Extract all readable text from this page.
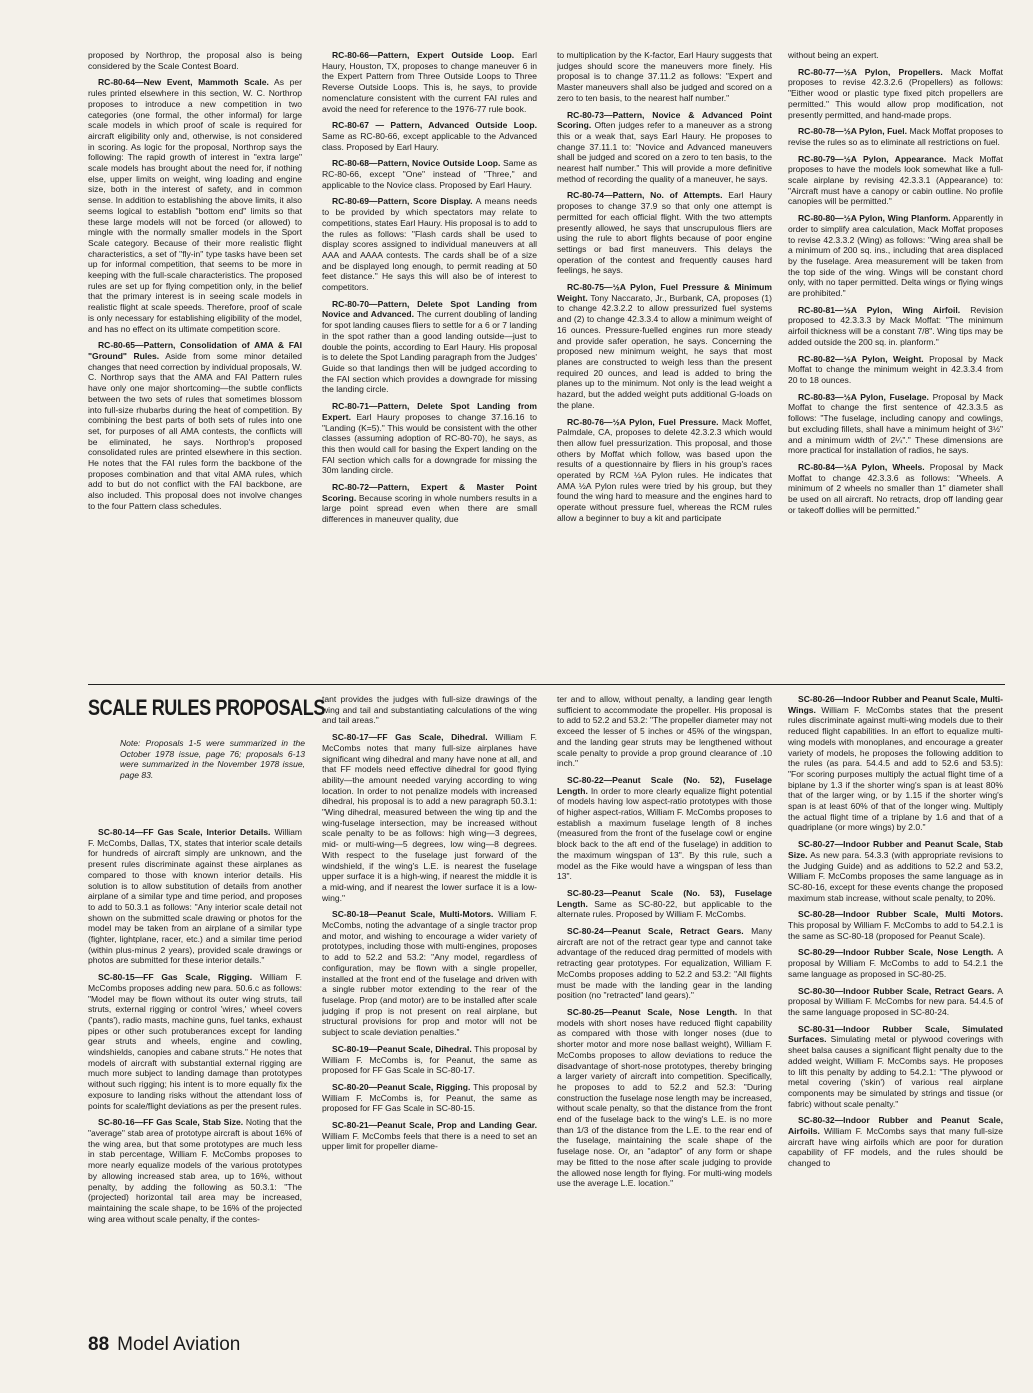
proposed by Northrop, the proposal also is being considered by the Scale Contest Board.

RC-80-64—New Event, Mammoth Scale. As per rules printed elsewhere in this section, W. C. Northrop proposes to introduce a new competition in two categories (one formal, the other informal) for large scale models in which proof of scale is required for aircraft eligibility only and, otherwise, is not considered in scoring. As logic for the proposal, Northrop says the following: The rapid growth of interest in "extra large" scale models has brought about the need for, if nothing else, upper limits on weight, wing loading and engine size, both in the interest of safety, and in common sense. In addition to establishing the above limits, it also seems logical to establish "bottom end" limits so that these large models will not be forced (or allowed) to mingle with the normally smaller models in the Sport Scale category. Because of their more realistic flight characteristics, a set of "fly-in" type tasks have been set up for informal competition, that seems to be more in keeping with the full-scale characteristics. The proposed rules are set up for flying competition only, in the belief that the primary interest is in seeing scale models in realistic flight at scale speeds. Therefore, proof of scale is only necessary for establishing eligibility of the model, and has no effect on its ultimate competition score.

RC-80-65—Pattern, Consolidation of AMA & FAI "Ground" Rules. Aside from some minor detailed changes that need correction by individual proposals, W. C. Northrop says that the AMA and FAI Pattern rules have only one major shortcoming—the subtle conflicts between the two sets of rules that sometimes blossom into full-size rhubarbs during the heat of competition. By combining the best parts of both sets of rules into one set, for purposes of all AMA contests, the conflicts will be eliminated, he says. Northrop's proposed consolidated rules are printed elsewhere in this section. He notes that the FAI rules form the backbone of the proposes combination and that vital AMA rules, which add to but do not conflict with the FAI backbone, are also included. This proposal does not involve changes to the four Pattern class schedules.

RC-80-66—Pattern, Expert Outside Loop. Earl Haury, Houston, TX, proposes to change maneuver 6 in the Expert Pattern from Three Outside Loops to Three Reverse Outside Loops. This is, he says, to provide nomenclature consistent with the current FAI rules and avoid the need for reference to the 1976-77 rule book.

RC-80-67 — Pattern, Advanced Outside Loop. Same as RC-80-66, except applicable to the Advanced class. Proposed by Earl Haury.

RC-80-68—Pattern, Novice Outside Loop. Same as RC-80-66, except "One" instead of "Three," and applicable to the Novice class. Proposed by Earl Haury.

RC-80-69—Pattern, Score Display. A means needs to be provided by which spectators may relate to competitions, states Earl Haury. His proposal is to add to the rules as follows: "Flash cards shall be used to display scores assigned to individual maneuvers at all AAA and AAAA contests. The cards shall be of a size and be displayed long enough, to permit reading at 50 feet distance." He says this will also be of interest to competitors.

RC-80-70—Pattern, Delete Spot Landing from Novice and Advanced. The current doubling of landing for spot landing causes fliers to settle for a 6 or 7 landing in the spot rather than a good landing outside—just to double the points, according to Earl Haury. His proposal is to delete the Spot Landing paragraph from the Judges' Guide so that landings then will be judged according to the FAI section which provides a downgrade for missing the landing circle.

RC-80-71—Pattern, Delete Spot Landing from Expert. Earl Haury proposes to change 37.16.16 to "Landing (K=5)." This would be consistent with the other classes (assuming adoption of RC-80-70), he says, as this then would call for basing the Expert landing on the FAI section which calls for a downgrade for missing the 30m landing circle.

RC-80-72—Pattern, Expert & Master Point Scoring. Because scoring in whole numbers results in a large point spread even when there are small differences in maneuver quality, due

to multiplication by the K-factor, Earl Haury suggests that judges should score the maneuvers more finely. His proposal is to change 37.11.2 as follows: "Expert and Master maneuvers shall also be judged and scored on a zero to ten basis, to the nearest half number."

RC-80-73—Pattern, Novice & Advanced Point Scoring. Often judges refer to a maneuver as a strong this or a weak that, says Earl Haury. He proposes to change 37.11.1 to: "Novice and Advanced maneuvers shall be judged and scored on a zero to ten basis, to the nearest half number." This will provide a more definitive method of recording the quality of a maneuver, he says.

RC-80-74—Pattern, No. of Attempts. Earl Haury proposes to change 37.9 so that only one attempt is permitted for each official flight. With the two attempts presently allowed, he says that unscrupulous fliers are using the rule to abort flights because of poor engine settings or bad first maneuvers. This delays the operation of the contest and frequently causes hard feelings, he says.

RC-80-75—½A Pylon, Fuel Pressure & Minimum Weight. Tony Naccarato, Jr., Burbank, CA, proposes (1) to change 42.3.2.2 to allow pressurized fuel systems and (2) to change 42.3.3.4 to allow a minimum weight of 16 ounces. Pressure-fuelled engines run more steady and provide safer operation, he says. Concerning the proposed new minimum weight, he says that most planes are constructed to weigh less than the present required 20 ounces, and lead is added to bring the planes up to the minimum. Not only is the lead weight a hazard, but the added weight puts additional G-loads on the plane.

RC-80-76—½A Pylon, Fuel Pressure. Mack Moffet, Palmdale, CA, proposes to delete 42.3.2.3 which would then allow fuel pressurization. This proposal, and those others by Moffat which follow, was based upon the results of a questionnaire by fliers in his group's races operated by RCM ½A Pylon rules. He indicates that AMA ½A Pylon rules were tried by his group, but they found the wing hard to measure and the engines hard to operate without pressure fuel, whereas the RCM rules allow a beginner to buy a kit and participate

without being an expert.

RC-80-77—½A Pylon, Propellers. Mack Moffat proposes to revise 42.3.2.6 (Propellers) as follows: "Either wood or plastic type fixed pitch propellers are permitted." This would allow prop modification, not presently permitted, and hand-made props.

RC-80-78—½A Pylon, Fuel. Mack Moffat proposes to revise the rules so as to eliminate all restrictions on fuel.

RC-80-79—½A Pylon, Appearance. Mack Moffat proposes to have the models look somewhat like a full-scale airplane by revising 42.3.3.1 (Appearance) to: "Aircraft must have a canopy or cabin outline. No profile canopies will be permitted."

RC-80-80—½A Pylon, Wing Planform. Apparently in order to simplify area calculation, Mack Moffat proposes to revise 42.3.3.2 (Wing) as follows: "Wing area shall be a minimum of 200 sq. ins., including that area displaced by the fuselage. Area measurement will be taken from the top side of the wing. Wings will be constant chord only, with no taper permitted. Delta wings or flying wings are prohibited."

RC-80-81—½A Pylon, Wing Airfoil. Revision proposed to 42.3.3.3 by Mack Moffat: "The minimum airfoil thickness will be a constant 7/8". Wing tips may be added outside the 200 sq. in. planform."

RC-80-82—½A Pylon, Weight. Proposal by Mack Moffat to change the minimum weight in 42.3.3.4 from 20 to 18 ounces.

RC-80-83—½A Pylon, Fuselage. Proposal by Mack Moffat to change the first sentence of 42.3.3.5 as follows: "The fuselage, including canopy and cowlings, but excluding fillets, shall have a minimum height of 3½" and a minimum width of 2¼"." These dimensions are more practical for installation of radios, he says.

RC-80-84—½A Pylon, Wheels. Proposal by Mack Moffat to change 42.3.3.6 as follows: "Wheels. A minimum of 2 wheels no smaller than 1" diameter shall be used on all aircraft. No retracts, drop off landing gear or takeoff dollies will be permitted."

SCALE RULES PROPOSALS
Note: Proposals 1-5 were summarized in the October 1978 issue, page 76; proposals 6-13 were summarized in the November 1978 issue, page 83.

SC-80-14—FF Gas Scale, Interior Details. William F. McCombs, Dallas, TX, states that interior scale details for hundreds of aircraft simply are unknown, and the present rules discriminate against these airplanes as compared to those with known interior details. His solution is to allow substitution of details from another airplane of a similar type and time period, and proposes to add to 50.3.1 as follows: "Any interior scale detail not shown on the submitted scale drawing or photos for the model may be taken from an airplane of a similar type (fighter, lightplane, racer, etc.) and a similar time period (within plus-minus 2 years), provided scale drawings or photos are submitted for these interior details."

SC-80-15—FF Gas Scale, Rigging. William F. McCombs proposes adding new para. 50.6.c as follows: "Model may be flown without its outer wing struts, tail struts, external rigging or control 'wires,' wheel covers ('pants'), radio masts, machine guns, fuel tanks, exhaust pipes or other such protuberances except for landing gear struts and wheels, engine and cowling, windshields, canopies and cabane struts." He notes that models of aircraft with substantial external rigging are much more subject to landing damage than prototypes without such rigging; his intent is to more equally fix the exposure to landing risks without the attendant loss of points for scale/flight deviations as per the present rules.

SC-80-16—FF Gas Scale, Stab Size. Noting that the "average" stab area of prototype aircraft is about 16% of the wing area, but that some prototypes are much less in stab percentage, William F. McCombs proposes to more nearly equalize models of the various prototypes by allowing increased stab area, up to 16%, without penalty, by adding the following as 50.3.1: "The (projected) horizontal tail area may be increased, maintaining the scale shape, to be 16% of the projected wing area without scale penalty, if the contes-

tant provides the judges with full-size drawings of the wing and tail and substantiating calculations of the wing and tail areas."

SC-80-17—FF Gas Scale, Dihedral. William F. McCombs notes that many full-size airplanes have significant wing dihedral and many have none at all, and that FF models need effective dihedral for good flying ability—the amount needed varying according to wing location. In order to not penalize models with increased dihedral, his proposal is to add a new paragraph 50.3.1: "Wing dihedral, measured between the wing tip and the wing-fuselage intersection, may be increased without scale penalty to be as follows: high wing—3 degrees, mid- or multi-wing—5 degrees, low wing—8 degrees. With respect to the fuselage just forward of the windshield, if the wing's L.E. is nearest the fuselage upper surface it is a high-wing, if nearest the middle it is a mid-wing, and if nearest the lower surface it is a low-wing."

SC-80-18—Peanut Scale, Multi-Motors. William F. McCombs, noting the advantage of a single tractor prop and motor, and wishing to encourage a wider variety of prototypes, including those with multi-engines, proposes to add to 52.2 and 53.2: "Any model, regardless of configuration, may be flown with a single propeller, installed at the front end of the fuselage and driven with a single rubber motor extending to the rear of the fuselage. Prop (and motor) are to be installed after scale judging if prop is not present on real airplane, but structural provisions for prop and motor will not be subject to scale deviation penalties."

SC-80-19—Peanut Scale, Dihedral. This proposal by William F. McCombs is, for Peanut, the same as proposed for FF Gas Scale in SC-80-17.

SC-80-20—Peanut Scale, Rigging. This proposal by William F. McCombs is, for Peanut, the same as proposed for FF Gas Scale in SC-80-15.

SC-80-21—Peanut Scale, Prop and Landing Gear. William F. McCombs feels that there is a need to set an upper limit for propeller diame-

ter and to allow, without penalty, a landing gear length sufficient to accommodate the propeller. His proposal is to add to 52.2 and 53.2: "The propeller diameter may not exceed the lesser of 5 inches or 45% of the wingspan, and the landing gear struts may be lengthened without scale penalty to provide a prop ground clearance of .10 inch."

SC-80-22—Peanut Scale (No. 52), Fuselage Length. In order to more clearly equalize flight potential of models having low aspect-ratio prototypes with those of higher aspect-ratios, William F. McCombs proposes to establish a maximum fuselage length of 8 inches (measured from the front of the fuselage cowl or engine block back to the aft end of the fuselage) in addition to the maximum wingspan of 13". By this rule, such a model as the Fike would have a wingspan of less than 13".

SC-80-23—Peanut Scale (No. 53), Fuselage Length. Same as SC-80-22, but applicable to the alternate rules. Proposed by William F. McCombs.

SC-80-24—Peanut Scale, Retract Gears. Many aircraft are not of the retract gear type and cannot take advantage of the reduced drag permitted of models with retracting gear prototypes. For equalization, William F. McCombs proposes adding to 52.2 and 53.2: "All flights must be made with the landing gear in the landing position (no "retracted" land gears)."

SC-80-25—Peanut Scale, Nose Length. In that models with short noses have reduced flight capability as compared with those with longer noses (due to shorter motor and more nose ballast weight), William F. McCombs proposes to allow deviations to reduce the disadvantage of short-nose prototypes, thereby bringing a larger variety of aircraft into competition. Specifically, he proposes to add to 52.2 and 52.3: "During construction the fuselage nose length may be increased, without scale penalty, so that the distance from the front end of the fuselage back to the wing's L.E. is no more than 1/3 of the distance from the L.E. to the rear end of the fuselage, maintaining the scale shape of the fuselage nose. Or, an "adaptor" of any form or shape may be fitted to the nose after scale judging to provide the allowed nose length for flying. For multi-wing models use the average L.E. location."

SC-80-26—Indoor Rubber and Peanut Scale, Multi-Wings. William F. McCombs states that the present rules discriminate against multi-wing models due to their reduced flight capabilities. In an effort to equalize multi-wing models with monoplanes, and encourage a greater variety of models, he proposes the following addition to the rules (as para. 54.4.5 and add to 52.6 and 53.5): "For scoring purposes multiply the actual flight time of a biplane by 1.3 if the shorter wing's span is at least 80% that of the larger wing, or by 1.15 if the shorter wing's span is at least 60% of that of the longer wing. Multiply the actual flight time of a triplane by 1.6 and that of a quadriplane (or more wings) by 2.0."

SC-80-27—Indoor Rubber and Peanut Scale, Stab Size. As new para. 54.3.3 (with appropriate revisions to the Judging Guide) and as additions to 52.2 and 53.2, William F. McCombs proposes the same language as in SC-80-16, except for these events change the proposed maximum stab increase, without scale penalty, to 20%.

SC-80-28—Indoor Rubber Scale, Multi Motors. This proposal by William F. McCombs to add to 54.2.1 is the same as SC-80-18 (proposed for Peanut Scale).

SC-80-29—Indoor Rubber Scale, Nose Length. A proposal by William F. McCombs to add to 54.2.1 the same language as proposed in SC-80-25.

SC-80-30—Indoor Rubber Scale, Retract Gears. A proposal by William F. McCombs for new para. 54.4.5 of the same language proposed in SC-80-24.

SC-80-31—Indoor Rubber Scale, Simulated Surfaces. Simulating metal or plywood coverings with sheet balsa causes a significant flight penalty due to the added weight, William F. McCombs says. He proposes to lift this penalty by adding to 54.2.1: "The plywood or metal covering ('skin') of various real airplane components may be simulated by strings and tissue (or fabric) without scale penalty."

SC-80-32—Indoor Rubber and Peanut Scale, Airfoils. William F. McCombs says that many full-size aircraft have wing airfoils which are poor for duration capability of FF models, and the rules should be changed to

88 Model Aviation
